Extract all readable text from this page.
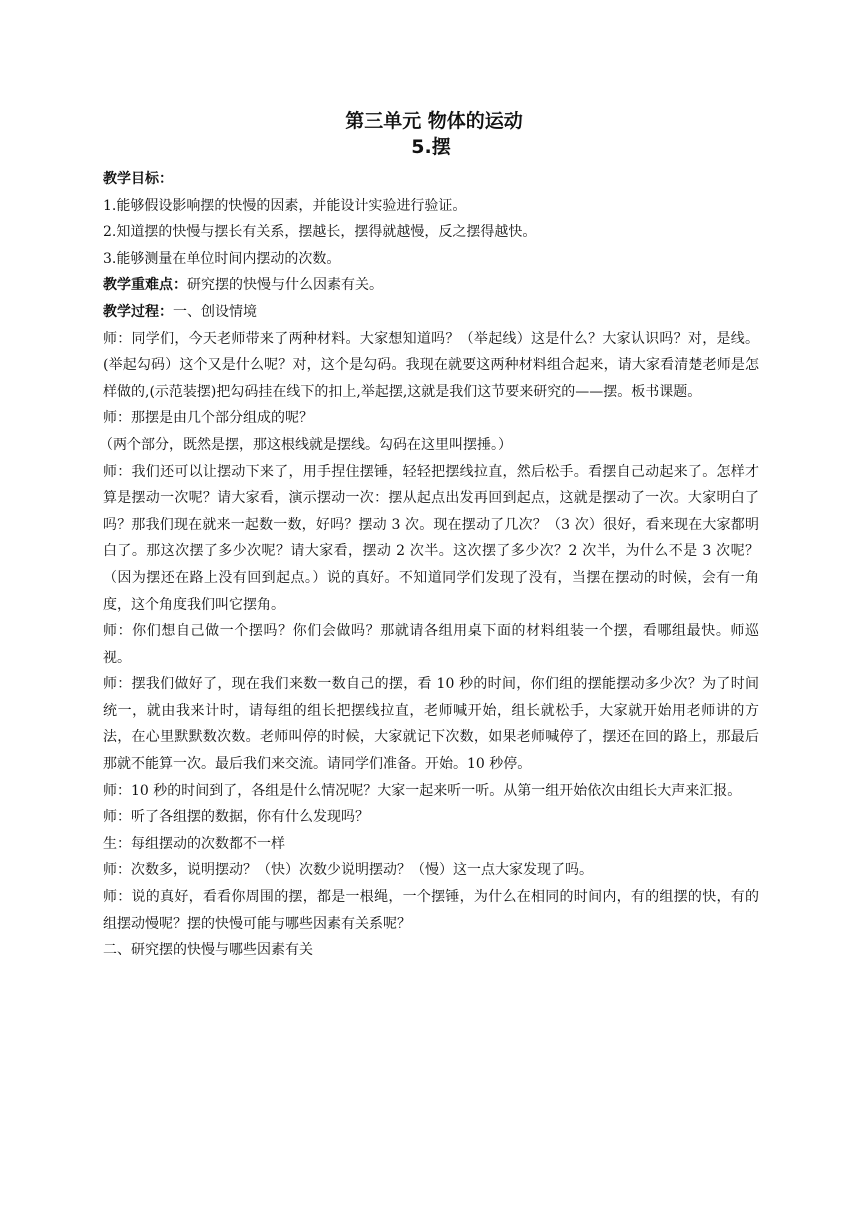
第三单元 物体的运动
5.摆

教学目标：

1.能够假设影响摆的快慢的因素，并能设计实验进行验证。

2.知道摆的快慢与摆长有关系，摆越长，摆得就越慢，反之摆得越快。

3.能够测量在单位时间内摆动的次数。

教学重难点：研究摆的快慢与什么因素有关。

教学过程：一、创设情境

师：同学们，今天老师带来了两种材料。大家想知道吗？（举起线）这是什么？大家认识吗？对，是线。(举起勾码）这个又是什么呢？对，这个是勾码。我现在就要这两种材料组合起来，请大家看清楚老师是怎样做的,(示范装摆)把勾码挂在线下的扣上,举起摆,这就是我们这节要来研究的——摆。板书课题。

师：那摆是由几个部分组成的呢？

（两个部分，既然是摆，那这根线就是摆线。勾码在这里叫摆捶。）

师：我们还可以让摆动下来了，用手捏住摆锤，轻轻把摆线拉直，然后松手。看摆自己动起来了。怎样才算是摆动一次呢？请大家看，演示摆动一次：摆从起点出发再回到起点，这就是摆动了一次。大家明白了吗？那我们现在就来一起数一数，好吗？摆动 3 次。现在摆动了几次？（3 次）很好，看来现在大家都明白了。那这次摆了多少次呢？请大家看，摆动 2 次半。这次摆了多少次？2 次半，为什么不是 3 次呢？（因为摆还在路上没有回到起点。）说的真好。不知道同学们发现了没有，当摆在摆动的时候，会有一角度，这个角度我们叫它摆角。

师：你们想自己做一个摆吗？你们会做吗？那就请各组用桌下面的材料组装一个摆，看哪组最快。师巡视。

师：摆我们做好了，现在我们来数一数自己的摆，看 10 秒的时间，你们组的摆能摆动多少次？为了时间统一，就由我来计时，请每组的组长把摆线拉直，老师喊开始，组长就松手，大家就开始用老师讲的方法，在心里默默数次数。老师叫停的时候，大家就记下次数，如果老师喊停了，摆还在回的路上，那最后那就不能算一次。最后我们来交流。请同学们准备。开始。10 秒停。

师：10 秒的时间到了，各组是什么情况呢？大家一起来听一听。从第一组开始依次由组长大声来汇报。

师：听了各组摆的数据，你有什么发现吗？

生：每组摆动的次数都不一样

师：次数多，说明摆动？（快）次数少说明摆动？（慢）这一点大家发现了吗。

师：说的真好，看看你周围的摆，都是一根绳，一个摆锤，为什么在相同的时间内，有的组摆的快，有的组摆动慢呢？摆的快慢可能与哪些因素有关系呢？

二、研究摆的快慢与哪些因素有关
